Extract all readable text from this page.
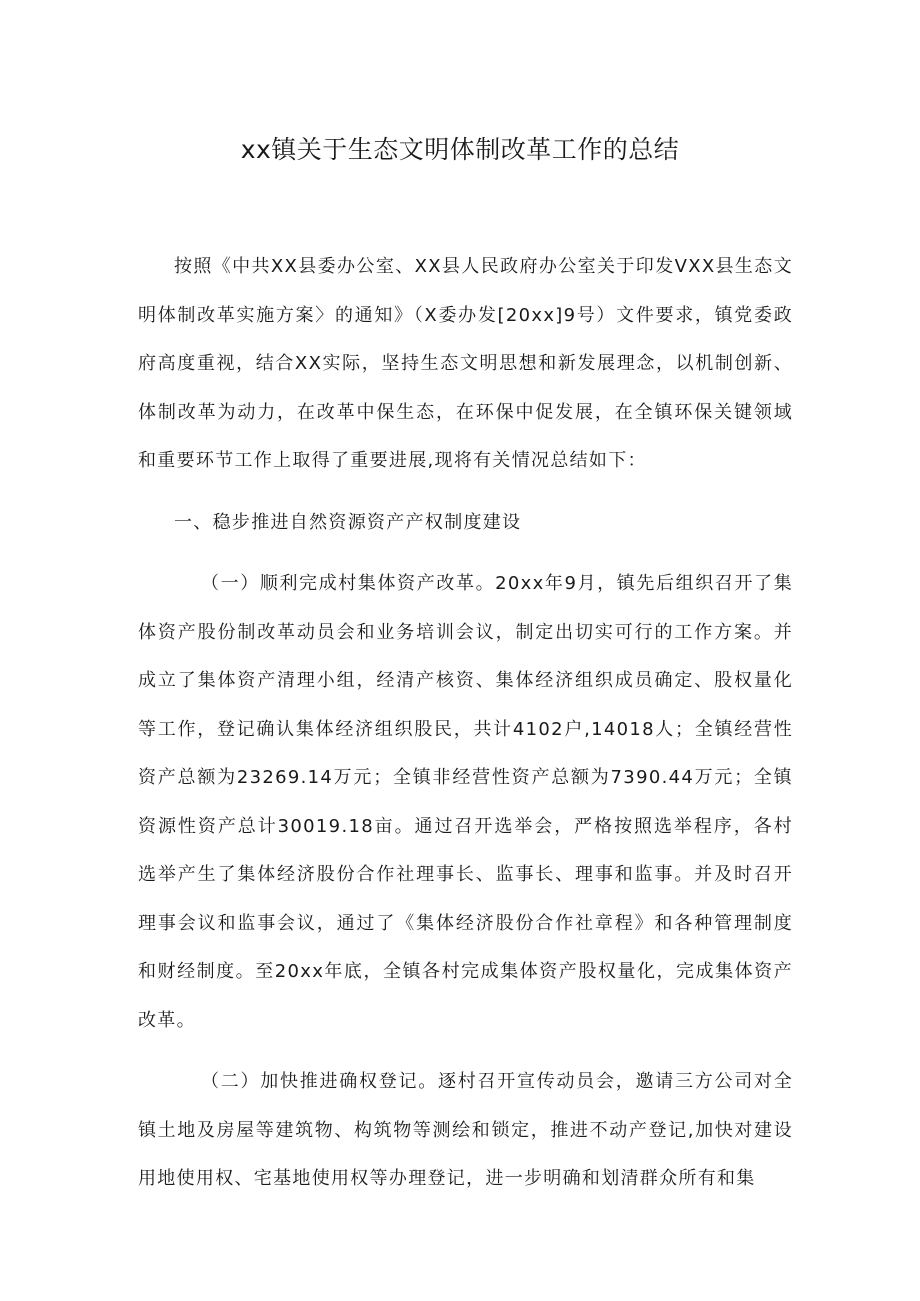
xx镇关于生态文明体制改革工作的总结

按照《中共XX县委办公室、XX县人民政府办公室关于印发VXX县生态文明体制改革实施方案〉的通知》（X委办发[20xx]9号）文件要求，镇党委政府高度重视，结合XX实际，坚持生态文明思想和新发展理念，以机制创新、体制改革为动力，在改革中保生态，在环保中促发展，在全镇环保关键领域和重要环节工作上取得了重要进展,现将有关情况总结如下：

一、稳步推进自然资源资产产权制度建设

（一）顺利完成村集体资产改革。20xx年9月，镇先后组织召开了集体资产股份制改革动员会和业务培训会议，制定出切实可行的工作方案。并成立了集体资产清理小组，经清产核资、集体经济组织成员确定、股权量化等工作，登记确认集体经济组织股民，共计4102户,14018人；全镇经营性资产总额为23269.14万元；全镇非经营性资产总额为7390.44万元；全镇资源性资产总计30019.18亩。通过召开选举会，严格按照选举程序，各村选举产生了集体经济股份合作社理事长、监事长、理事和监事。并及时召开理事会议和监事会议，通过了《集体经济股份合作社章程》和各种管理制度和财经制度。至20xx年底，全镇各村完成集体资产股权量化，完成集体资产改革。

（二）加快推进确权登记。逐村召开宣传动员会，邀请三方公司对全镇土地及房屋等建筑物、构筑物等测绘和锁定，推进不动产登记,加快对建设用地使用权、宅基地使用权等办理登记，进一步明确和划清群众所有和集
